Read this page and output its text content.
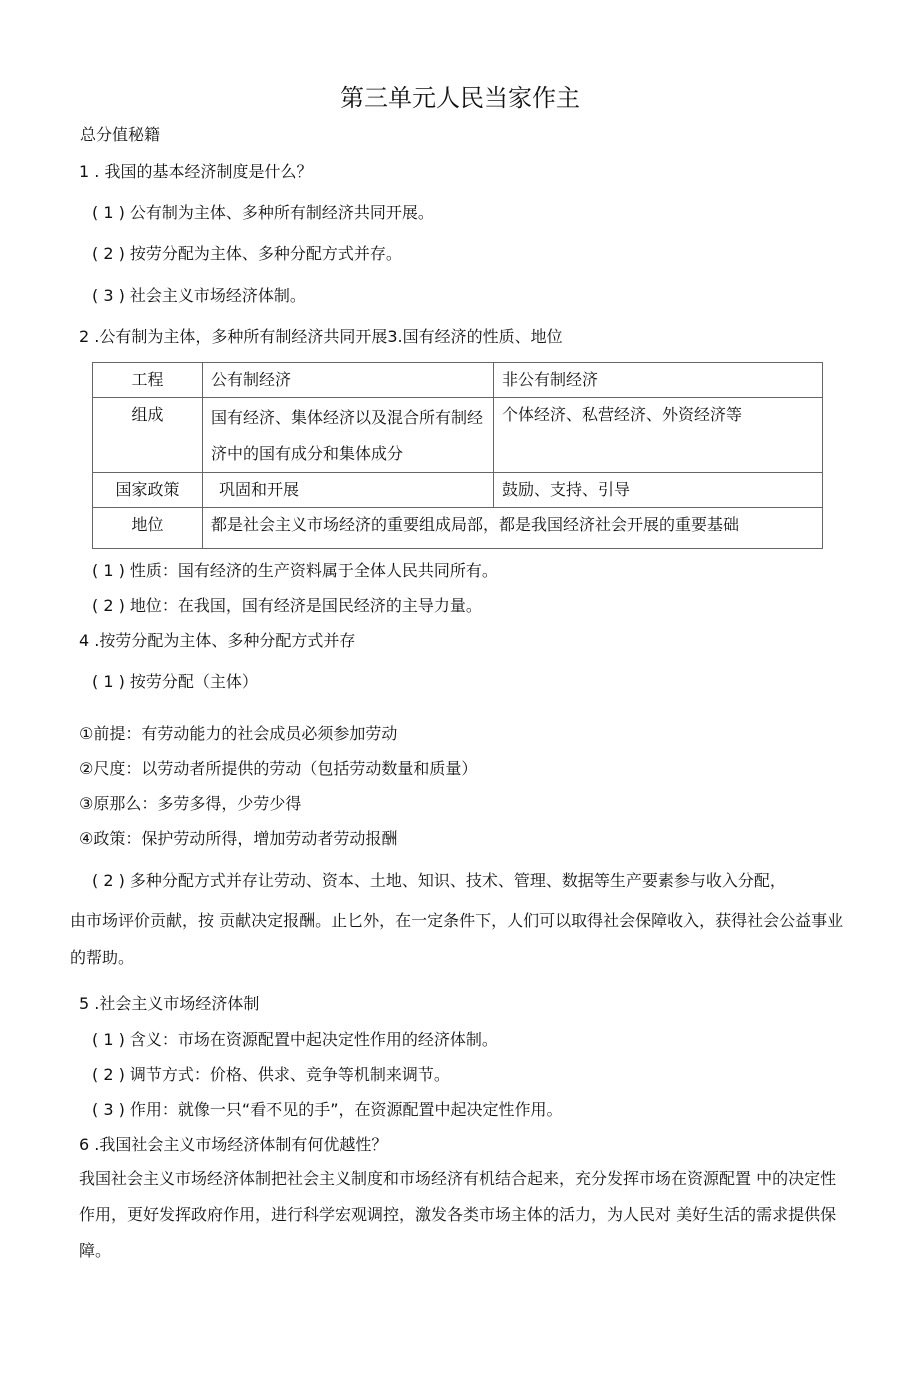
第三单元人民当家作主
总分值秘籍
1 . 我国的基本经济制度是什么？
( 1 ) 公有制为主体、多种所有制经济共同开展。
( 2 ) 按劳分配为主体、多种分配方式并存。
( 3 ) 社会主义市场经济体制。
2 .公有制为主体，多种所有制经济共同开展3.国有经济的性质、地位
工程	公有制经济	非公有制经济
组成	国有经济、集体经济以及混合所有制经济中的国有成分和集体成分	个体经济、私营经济、外资经济等
国家政策	巩固和开展	鼓励、支持、引导
地位	都是社会主义市场经济的重要组成局部，都是我国经济社会开展的重要基础	
( 1 ) 性质：国有经济的生产资料属于全体人民共同所有。
( 2 ) 地位：在我国，国有经济是国民经济的主导力量。
4 .按劳分配为主体、多种分配方式并存
( 1 ) 按劳分配（主体）
①前提：有劳动能力的社会成员必须参加劳动
②尺度：以劳动者所提供的劳动（包括劳动数量和质量）
③原那么：多劳多得，少劳少得
④政策：保护劳动所得，增加劳动者劳动报酬
( 2 ) 多种分配方式并存让劳动、资本、土地、知识、技术、管理、数据等生产要素参与收入分配，
由市场评价贡献，按 贡献决定报酬。止匕外，在一定条件下，人们可以取得社会保障收入，获得社会公益事业的帮助。
5 .社会主义市场经济体制
( 1 ) 含义：市场在资源配置中起决定性作用的经济体制。
( 2 ) 调节方式：价格、供求、竞争等机制来调节。
( 3 ) 作用：就像一只“看不见的手”，在资源配置中起决定性作用。
6 .我国社会主义市场经济体制有何优越性？
我国社会主义市场经济体制把社会主义制度和市场经济有机结合起来，充分发挥市场在资源配置 中的决定性作用，更好发挥政府作用，进行科学宏观调控，激发各类市场主体的活力，为人民对 美好生活的需求提供保障。
